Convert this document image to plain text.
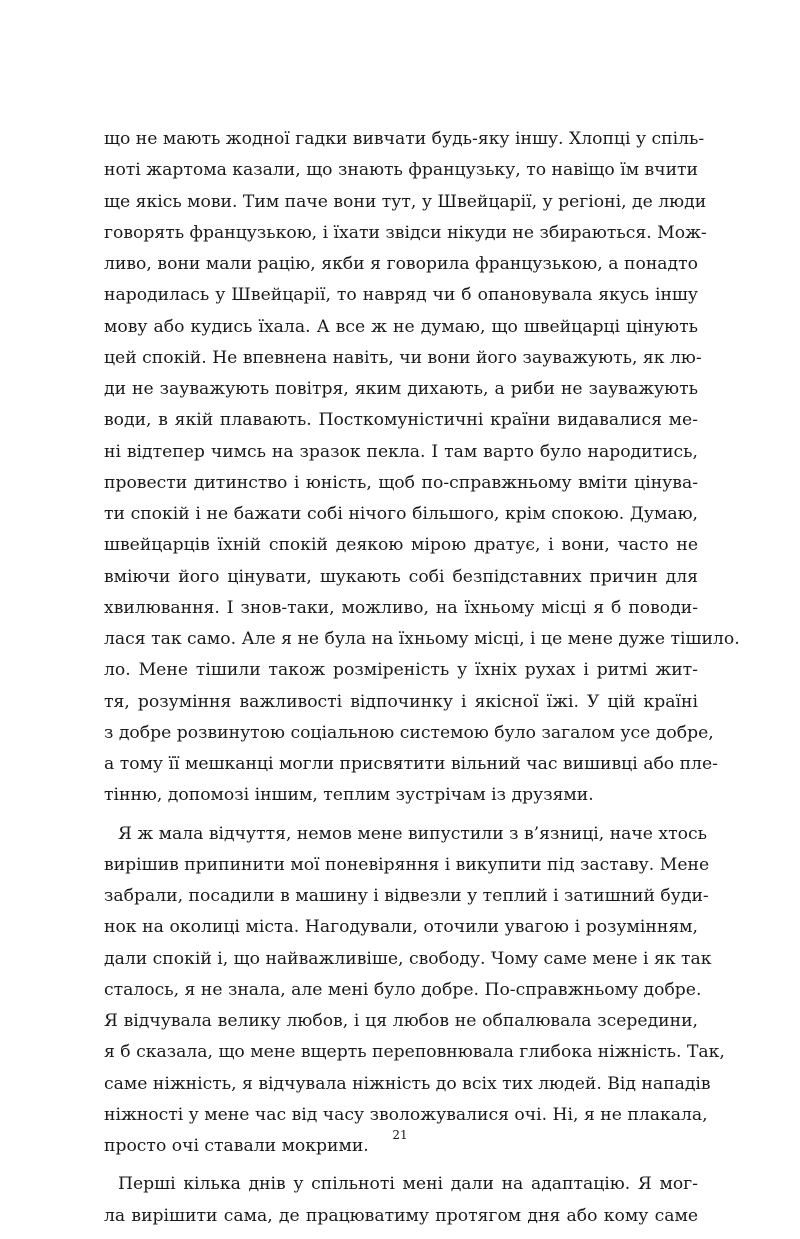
що не мають жодної гадки вивчати будь-яку іншу. Хлопці у спіль-
ноті жартома казали, що знають французьку, то навіщо їм вчити
ще якісь мови. Тим паче вони тут, у Швейцарії, у регіоні, де люди
говорять французькою, і їхати звідси нікуди не збираються. Мож-
ливо, вони мали рацію, якби я говорила французькою, а понадто
народилась у Швейцарії, то навряд чи б опановувала якусь іншу
мову або кудись їхала. А все ж не думаю, що швейцарці цінують
цей спокій. Не впевнена навіть, чи вони його зауважують, як лю-
ди не зауважують повітря, яким дихають, а риби не зауважують
води, в якій плавають. Посткомуністичні країни видавалися ме-
ні відтепер чимсь на зразок пекла. І там варто було народитись,
провести дитинство і юність, щоб по-справжньому вміти цінува-
ти спокій і не бажати собі нічого більшого, крім спокою. Думаю,
швейцарців їхній спокій деякою мірою дратує, і вони, часто не
вміючи його цінувати, шукають собі безпідставних причин для
хвилювання. І знов-таки, можливо, на їхньому місці я б поводи-
лася так само. Але я не була на їхньому місці, і це мене дуже тішило.
ло. Мене тішили також розміреність у їхніх рухах і ритмі жит-
тя, розуміння важливості відпочинку і якісної їжі. У цій країні
з добре розвинутою соціальною системою було загалом усе добре,
а тому її мешканці могли присвятити вільний час вишивці або пле-
тінню, допомозі іншим, теплим зустрічам із друзями.

Я ж мала відчуття, немов мене випустили з в’язниці, наче хтось
вирішив припинити мої поневіряння і викупити під заставу. Мене
забрали, посадили в машину і відвезли у теплий і затишний буди-
нок на околиці міста. Нагодували, оточили увагою і розумінням,
дали спокій і, що найважливіше, свободу. Чому саме мене і як так
сталось, я не знала, але мені було добре. По-справжньому добре.
Я відчувала велику любов, і ця любов не обпалювала зсередини,
я б сказала, що мене вщерть переповнювала глибока ніжність. Так,
саме ніжність, я відчувала ніжність до всіх тих людей. Від нападів
ніжності у мене час від часу зволожувалися очі. Ні, я не плакала,
просто очі ставали мокрими.

Перші кілька днів у спільноті мені дали на адаптацію. Я мог-
ла вирішити сама, де працюватиму протягом дня або кому саме

21
